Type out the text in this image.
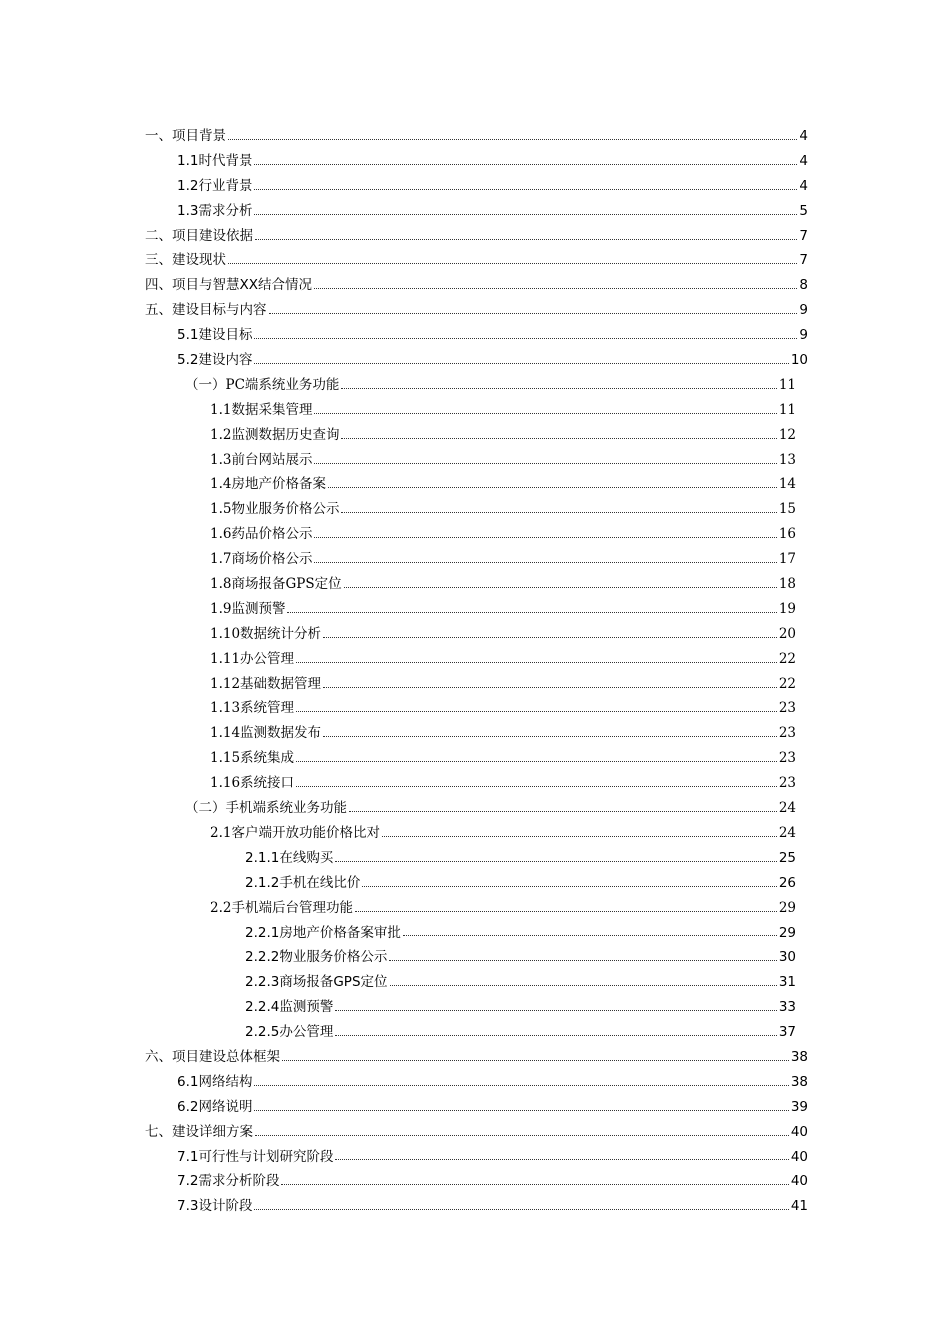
一、项目背景	4
1.1时代背景	4
1.2行业背景	4
1.3需求分析	5
二、项目建设依据	7
三、建设现状	7
四、项目与智慧XX结合情况	8
五、建设目标与内容	9
5.1建设目标	9
5.2建设内容	10
（一）PC端系统业务功能	11
1.1数据采集管理	11
1.2监测数据历史查询	12
1.3前台网站展示	13
1.4房地产价格备案	14
1.5物业服务价格公示	15
1.6药品价格公示	16
1.7商场价格公示	17
1.8商场报备GPS定位	18
1.9监测预警	19
1.10数据统计分析	20
1.11办公管理	22
1.12基础数据管理	22
1.13系统管理	23
1.14监测数据发布	23
1.15系统集成	23
1.16系统接口	23
（二）手机端系统业务功能	24
2.1客户端开放功能价格比对	24
2.1.1在线购买	25
2.1.2手机在线比价	26
2.2手机端后台管理功能	29
2.2.1房地产价格备案审批	29
2.2.2物业服务价格公示	30
2.2.3商场报备GPS定位	31
2.2.4监测预警	33
2.2.5办公管理	37
六、项目建设总体框架	38
6.1网络结构	38
6.2网络说明	39
七、建设详细方案	40
7.1可行性与计划研究阶段	40
7.2需求分析阶段	40
7.3设计阶段	41
